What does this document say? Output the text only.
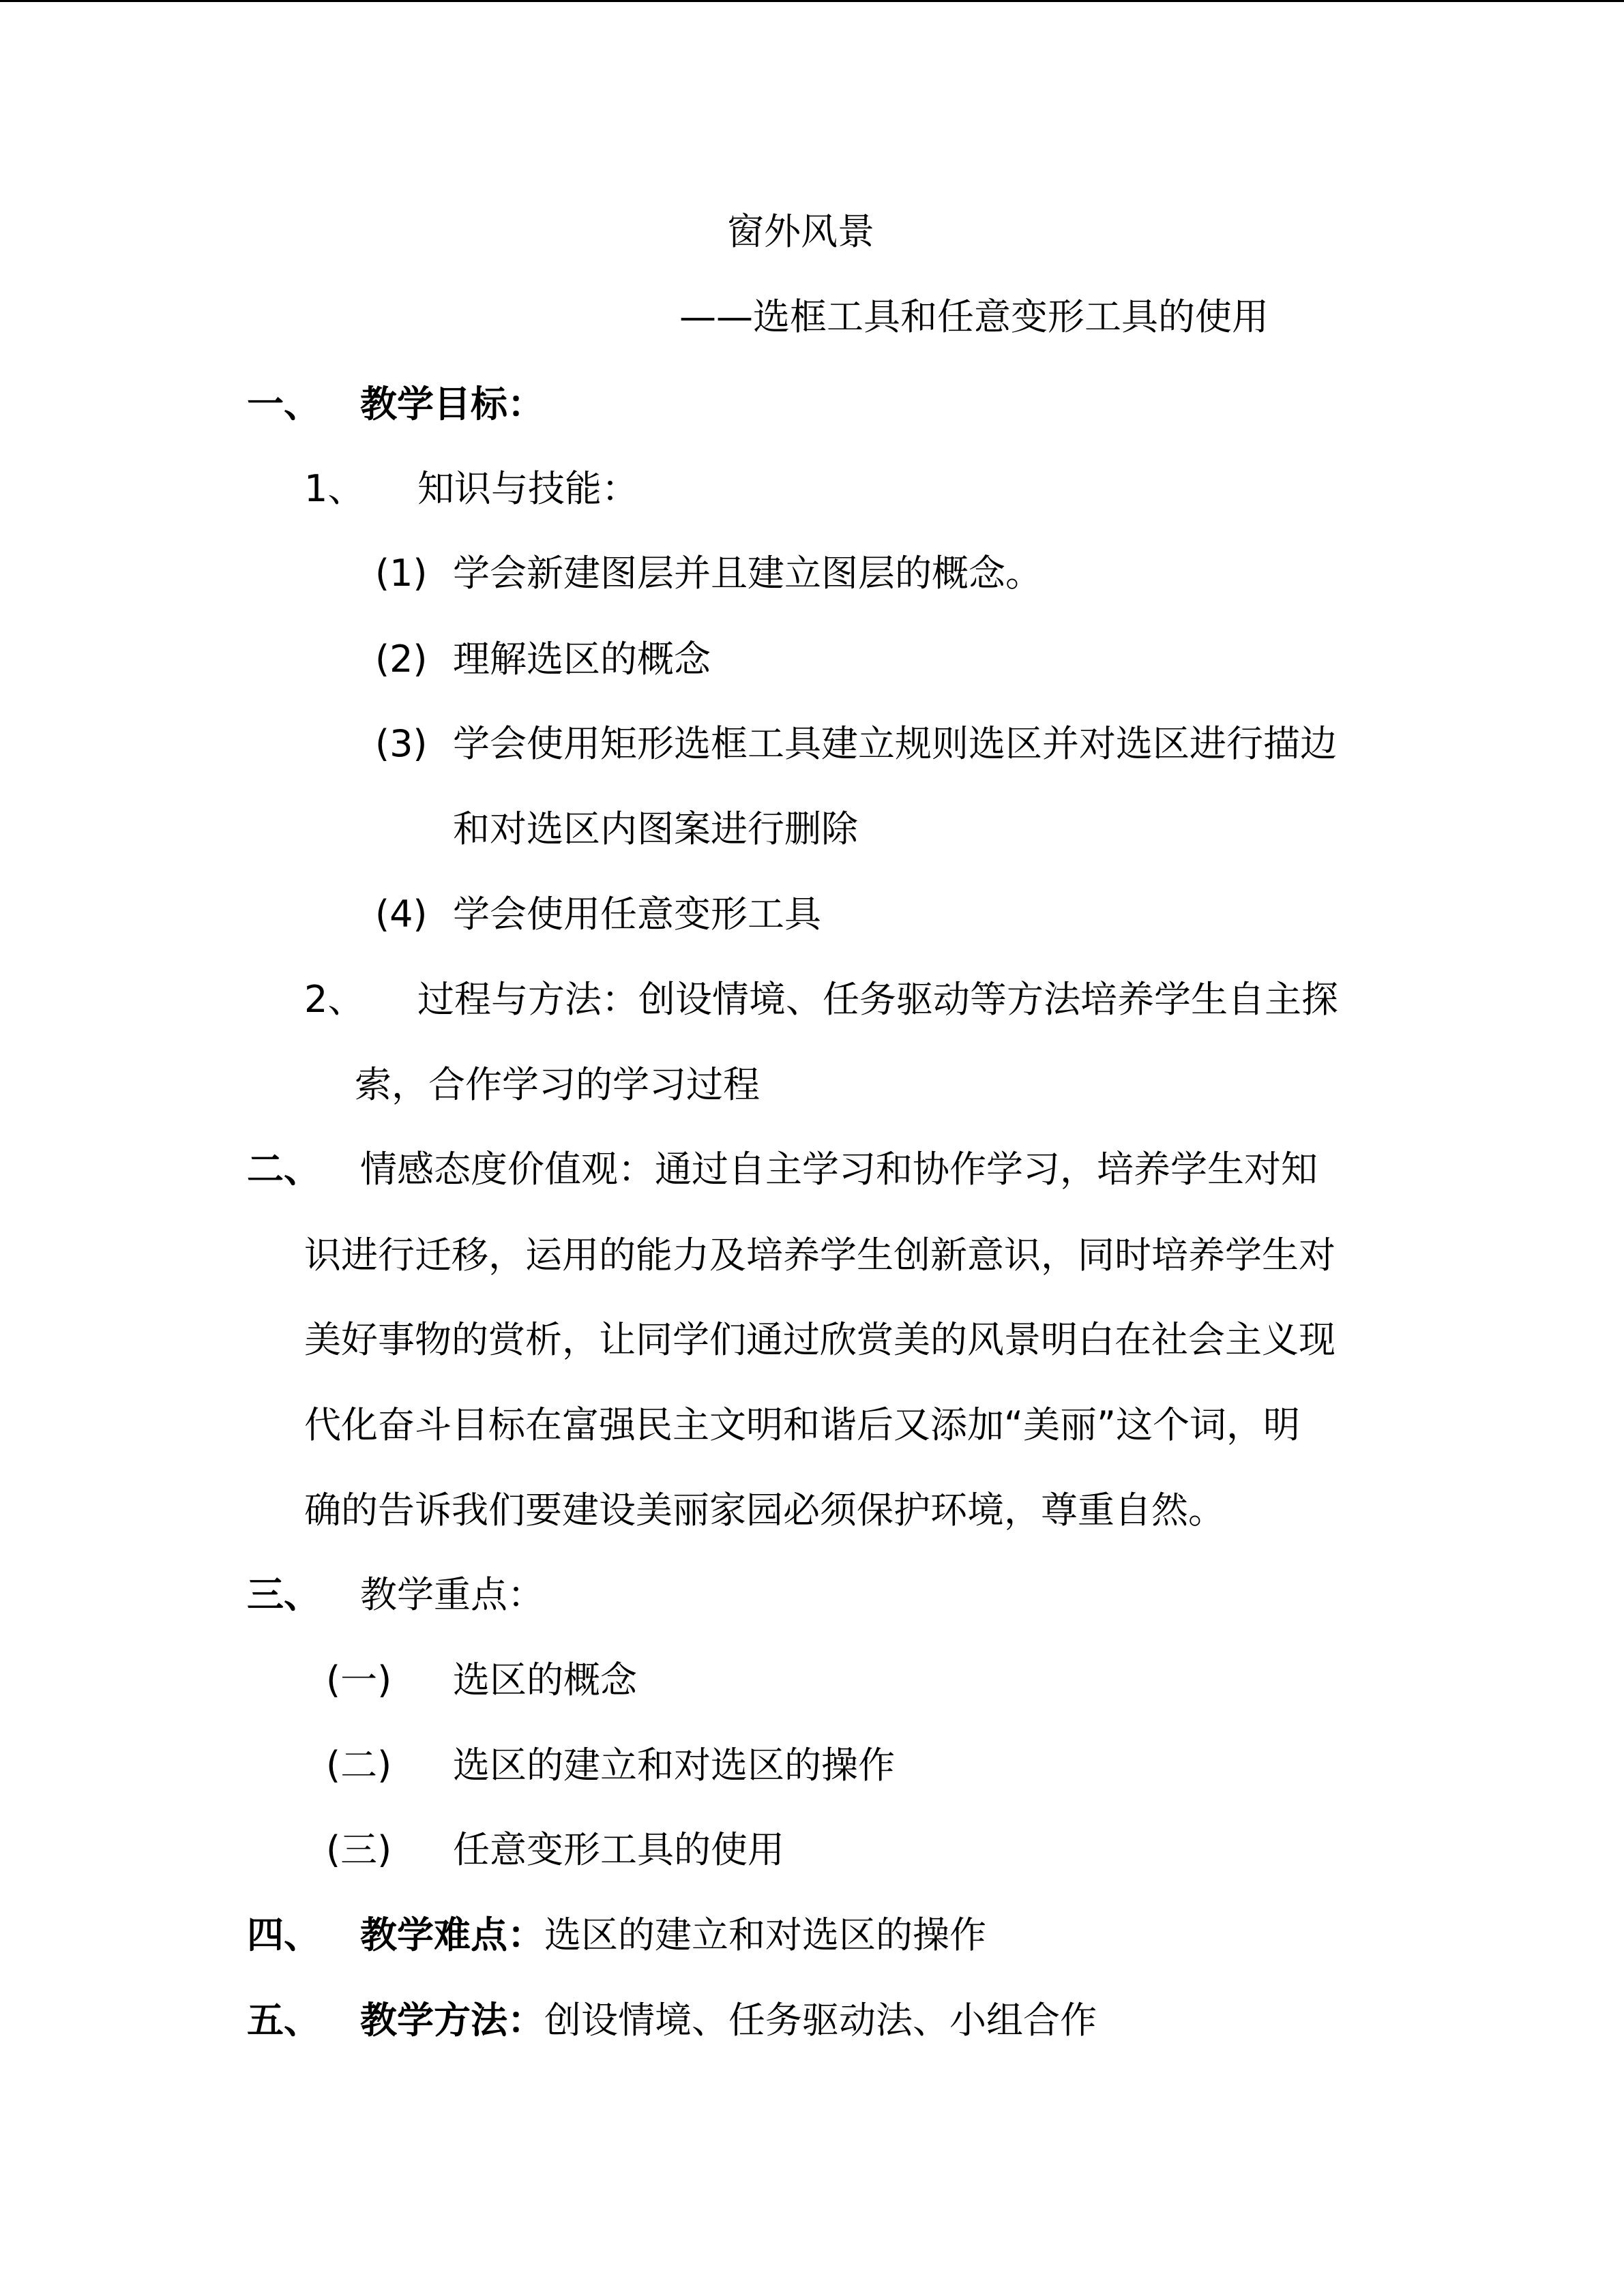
窗外风景
——选框工具和任意变形工具的使用
一、 教学目标：
1、 知识与技能：
(1) 学会新建图层并且建立图层的概念。
(2) 理解选区的概念
(3) 学会使用矩形选框工具建立规则选区并对选区进行描边
和对选区内图案进行删除
(4) 学会使用任意变形工具
2、 过程与方法：创设情境、任务驱动等方法培养学生自主探
索，合作学习的学习过程
二、 情感态度价值观：通过自主学习和协作学习，培养学生对知
识进行迁移，运用的能力及培养学生创新意识，同时培养学生对
美好事物的赏析，让同学们通过欣赏美的风景明白在社会主义现
代化奋斗目标在富强民主文明和谐后又添加“美丽”这个词，明
确的告诉我们要建设美丽家园必须保护环境，尊重自然。
三、 教学重点：
(一) 选区的概念
(二) 选区的建立和对选区的操作
(三) 任意变形工具的使用
四、 教学难点：选区的建立和对选区的操作
五、 教学方法：创设情境、任务驱动法、小组合作
